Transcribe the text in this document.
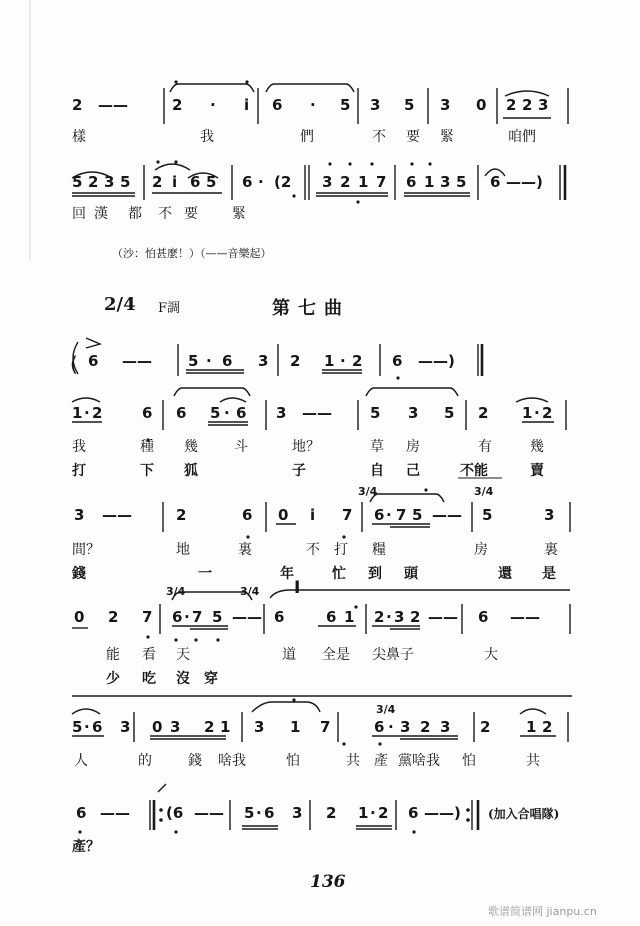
2 ——	2 · i 6 · 5 3 5 3 0 2 2 3
樣	我	們	不 要 緊	咱們
5 2 3 5 2 i 6 5 6 · (2 3 2 1 7 6 1 3 5 6 ——)
回 漢 都 不 要 緊
（沙：怕甚麼！）（——音樂起）
2/4 F調	第七曲
( 6 —— 5 · 6 3 2 1 · 2 6 ——)
1 · 2	6 6 5 · 6 3 ——	5 3 5 2 1 · 2
我	種 幾	斗	地？	草 房	有	幾
打	下 狐	子	自 己	不能	賣
3/4	3/4
3 ——	2	6 0 i 7 6 · 7 5 —— 5	3
間？	地	裏	不 打 糧	房	裏
錢	一	年	忙 到 頭	還 是
3/4	3/4 I
0 2 7 6 · 7 5 —— 6	6 1 2 · 3 2 —— 6 ——
能 看 天	道 全是 尖鼻子	大
少 吃 沒 穿
3/4
5 · 6 3 0 3 2 1 3 1 7	6 · 3 2 3 2 1 2
人	的	錢 啥我	怕	共 產 黨啥我 怕	共
6 —— (6 —— 5 · 6 3 2 1 · 2 6 ——) (加入合唱隊)
產？
136
歌谱简谱网 jianpu.cn
